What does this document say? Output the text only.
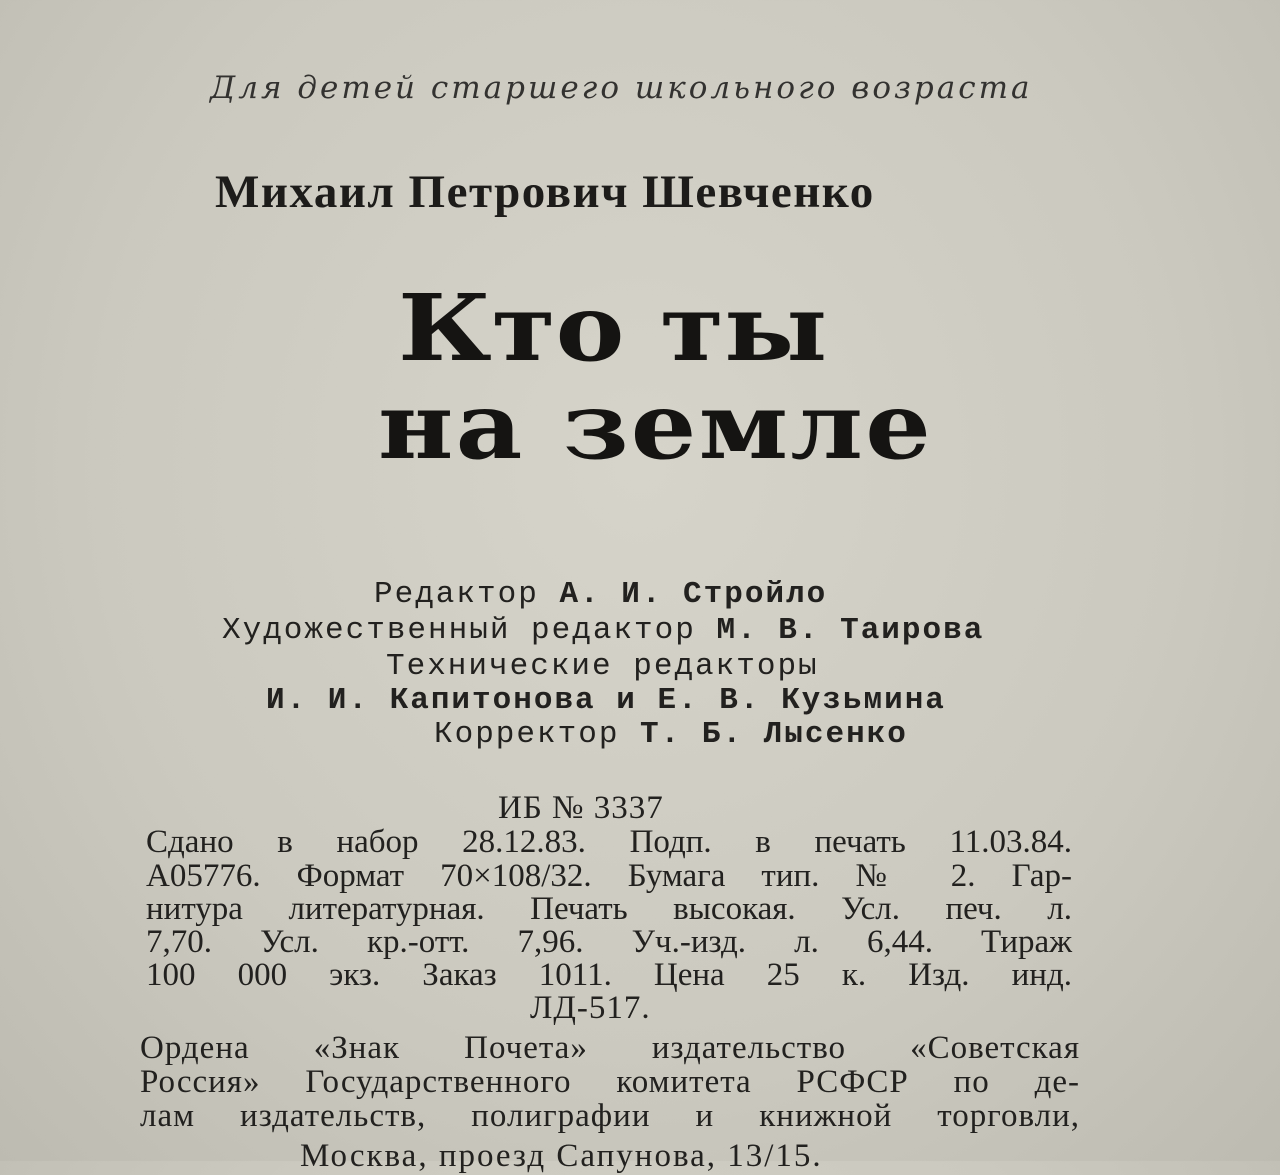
Для детей старшего школьного возраста
Михаил Петрович Шевченко
Кто ты
на земле
Редактор А. И. Стройло
Художественный редактор М. В. Таирова
Технические редакторы
И. И. Капитонова и Е. В. Кузьмина
Корректор Т. Б. Лысенко
ИБ № 3337
Сдано в набор 28.12.83. Подп. в печать 11.03.84.
А05776. Формат 70×108/32. Бумага тип. № 2. Гар-
нитура литературная. Печать высокая. Усл. печ. л.
7,70. Усл. кр.-отт. 7,96. Уч.-изд. л. 6,44. Тираж
100 000 экз. Заказ 1011. Цена 25 к. Изд. инд.
ЛД-517.
Ордена «Знак Почета» издательство «Советская
Россия» Государственного комитета РСФСР по де-
лам издательств, полиграфии и книжной торговли,
Москва, проезд Сапунова, 13/15.
